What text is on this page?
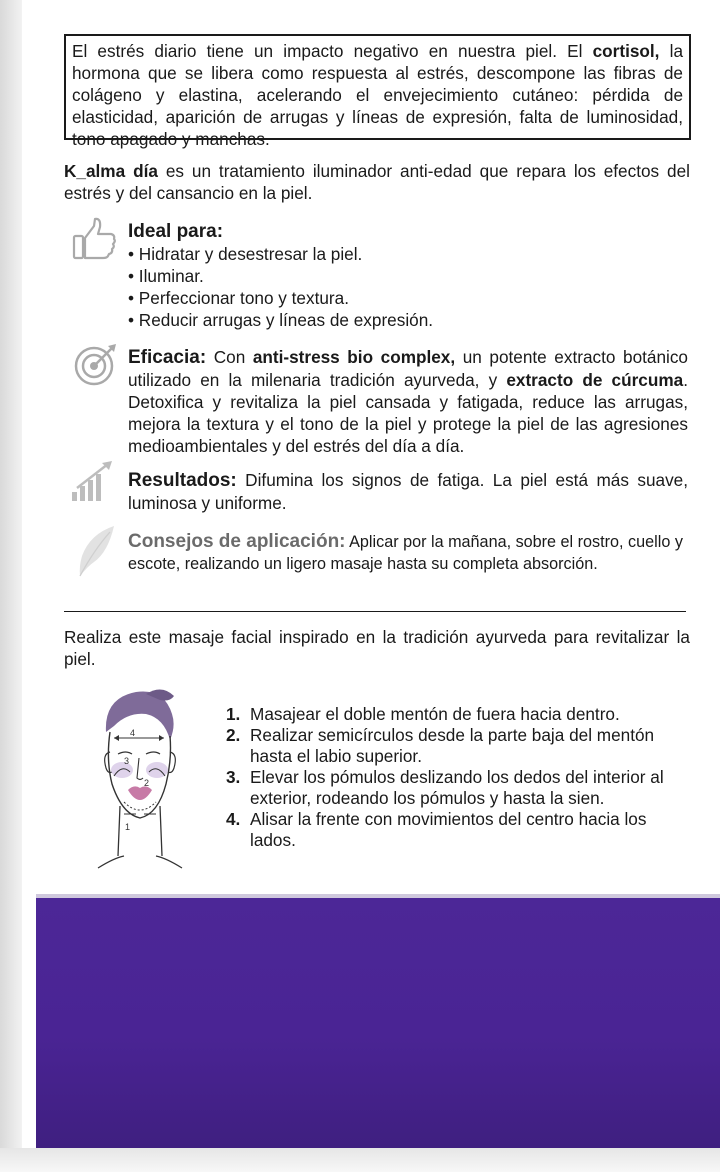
El estrés diario tiene un impacto negativo en nuestra piel. El cortisol, la hormona que se libera como respuesta al estrés, descompone las fibras de colágeno y elastina, acelerando el envejecimiento cutáneo: pérdida de elasticidad, aparición de arrugas y líneas de expresión, falta de luminosidad, tono apagado y manchas.
K_alma día es un tratamiento iluminador anti-edad que repara los efectos del estrés y del cansancio en la piel.
Ideal para:
• Hidratar y desestresar la piel.
• Iluminar.
• Perfeccionar tono y textura.
• Reducir arrugas y líneas de expresión.
Eficacia: Con anti-stress bio complex, un potente extracto botánico utilizado en la milenaria tradición ayurveda, y extracto de cúrcuma. Detoxifica y revitaliza la piel cansada y fatigada, reduce las arrugas, mejora la textura y el tono de la piel y protege la piel de las agresiones medioambientales y del estrés del día a día.
Resultados: Difumina los signos de fatiga. La piel está más suave, luminosa y uniforme.
Consejos de aplicación: Aplicar por la mañana, sobre el rostro, cuello y escote, realizando un ligero masaje hasta su completa absorción.
Realiza este masaje facial inspirado en la tradición ayurveda para revitalizar la piel.
4
3
2
1
1. Masajear el doble mentón de fuera hacia dentro.
2. Realizar semicírculos desde la parte baja del mentón hasta el labio superior.
3. Elevar los pómulos deslizando los dedos del interior al exterior, rodeando los pómulos y hasta la sien.
4. Alisar la frente con movimientos del centro hacia los lados.
